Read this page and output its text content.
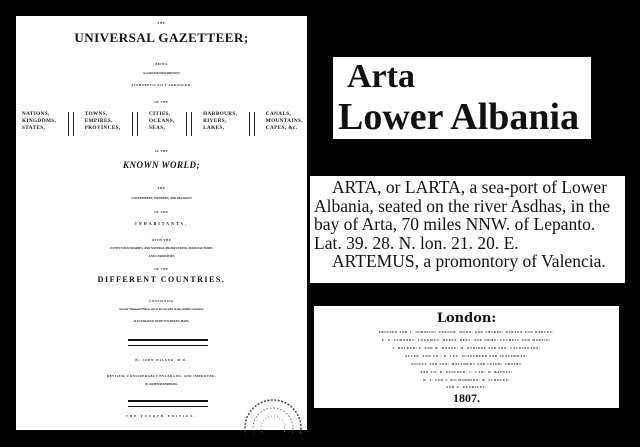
THE
UNIVERSAL GAZETTEER;
BEING
A CONCISE DESCRIPTION,
ALPHABETICALLY ARRANGED,
OF THE
NATIONS,
KINGDOMS,
STATES,
TOWNS,
EMPIRES,
PROVINCES,
CITIES,
OCEANS,
SEAS,
HARBOURS,
RIVERS,
LAKES,
CANALS,
MOUNTAINS,
CAPES, &c.
IN THE
KNOWN WORLD;
THE
GOVERNMENT, MANNERS, AND RELIGION
OF THE
INHABITANTS,
WITH THE
EXTENT, BOUNDARIES, AND NATURAL PRODUCTIONS, MANUFACTURES
AND CURIOSITIES
OF THE
DIFFERENT COUNTRIES.
CONTAINING
Several Thousand Places not to be met with in any similar Gazetteer.
ILLUSTRATED WITH FOURTEEN MAPS.
By JOHN WALKER, M.D.
REVISED, CONSIDERABLY ENLARGED, AND IMPROVED,
By ARTHUR KERSHAW.
THE FOURTH EDITION.
Arta
Lower Albania

ARTA, or LARTA, a sea-port of Lower Albania, seated on the river Asdhas, in the bay of Arta, 70 miles NNW. of Lepanto. Lat. 39. 28. N. lon. 21. 20. E.

ARTEMUS, a promontory of Valencia.

London:
PRINTED FOR J. JOHNSON; VERNOR, HOOD, AND SHARPE; DARTON AND HARVEY;
E. D. SYMONDS; LONGMAN, HURST, REES, AND ORME; CUTHELL AND MARTIN;
J. WALKER; F. AND W. WYNNE; W. OTRIDGE AND SON; LACKINGTON,
ALLEN, AND CO.; R. LEA; SCATCHERD AND LETTERMAN;
OGILVY AND SON; MATTHEWS AND LEIGH; CROSBY
AND CO; R. FAULDER; C. LAW; W. BAYNES;
W. J. AND J. RICHARDSON; R. SCHOLEY;
AND G. KEARSLEY.
1807.
